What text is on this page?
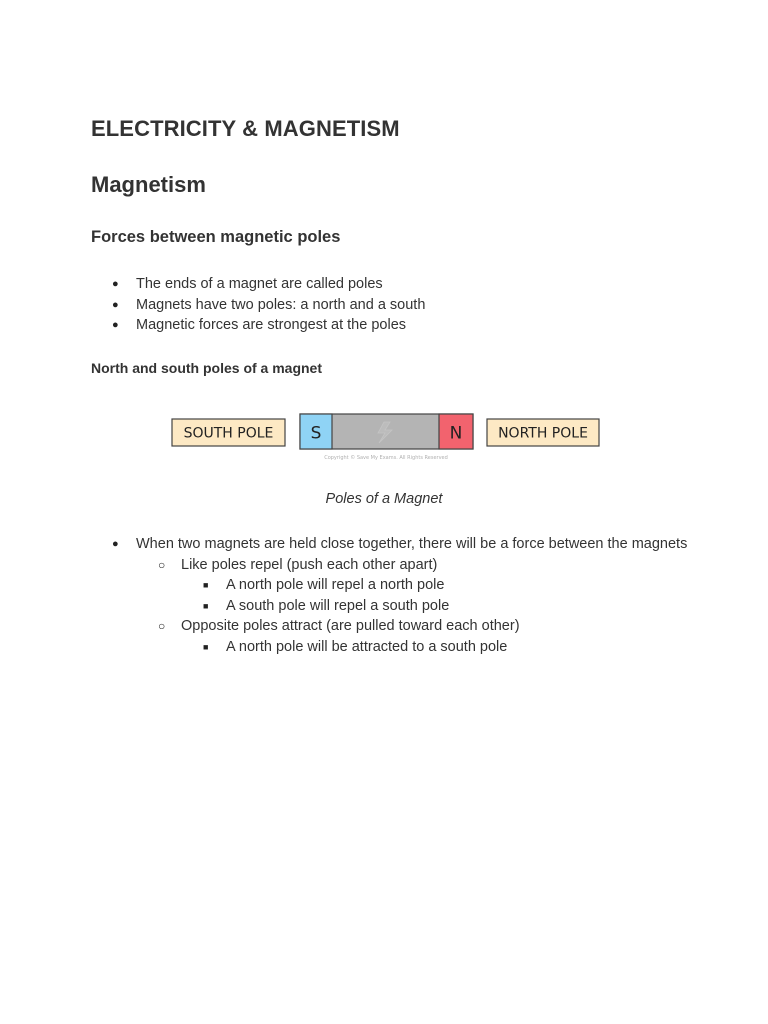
ELECTRICITY & MAGNETISM
Magnetism
Forces between magnetic poles
● The ends of a magnet are called poles
● Magnets have two poles: a north and a south
● Magnetic forces are strongest at the poles
North and south poles of a magnet
SOUTH POLE S	N
Copyright © Save My Exams. All Rights Reserved
NORTH POLE
Poles of a Magnet
● When two magnets are held close together, there will be a force between the magnets
○ Like poles repel (push each other apart)
■ A north pole will repel a north pole
■ A south pole will repel a south pole
○ Opposite poles attract (are pulled toward each other)
■ A north pole will be attracted to a south pole
